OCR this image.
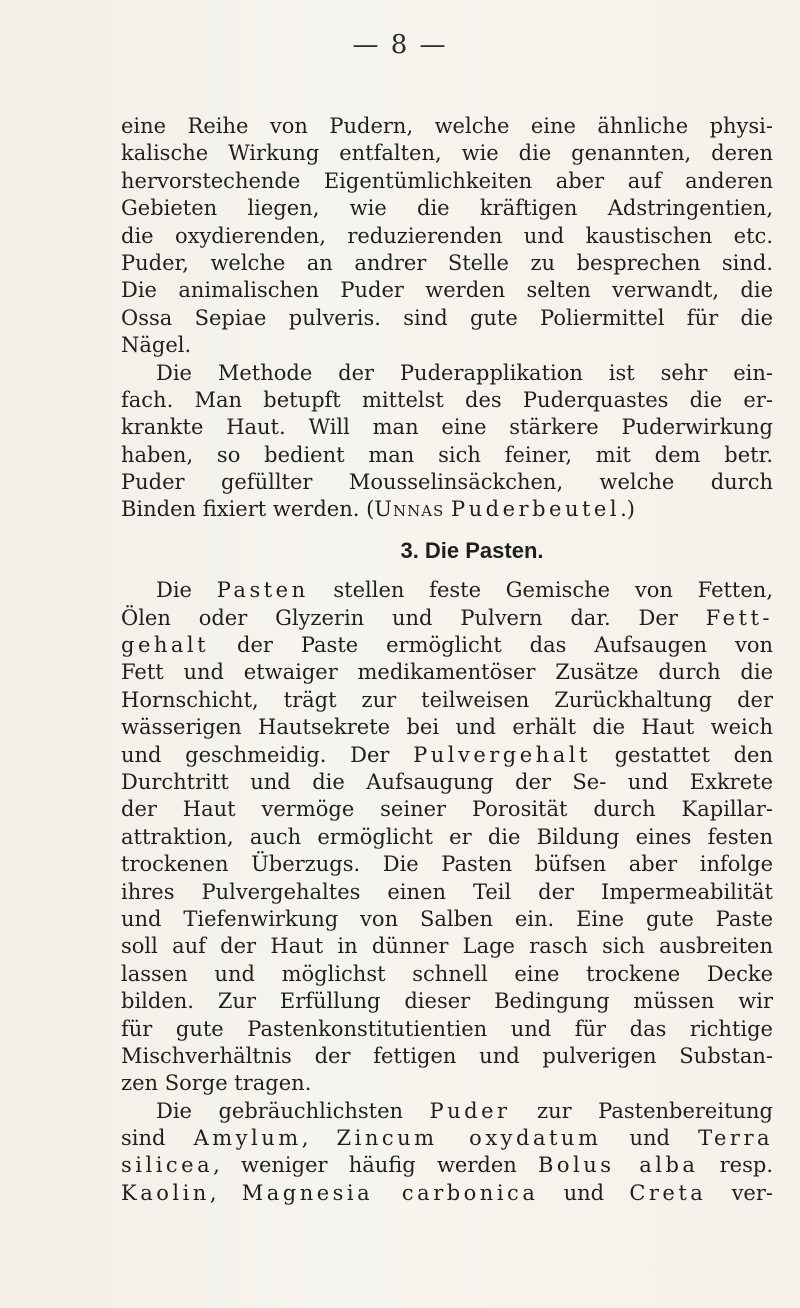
— 8 —
eine Reihe von Pudern, welche eine ähnliche physi-
kalische Wirkung entfalten, wie die genannten, deren
hervorstechende Eigentümlichkeiten aber auf anderen
Gebieten liegen, wie die kräftigen Adstringentien,
die oxydierenden, reduzierenden und kaustischen etc.
Puder, welche an andrer Stelle zu besprechen sind.
Die animalischen Puder werden selten verwandt, die
Ossa Sepiae pulveris. sind gute Poliermittel für die
Nägel.
Die Methode der Puderapplikation ist sehr ein-
fach. Man betupft mittelst des Puderquastes die er-
krankte Haut. Will man eine stärkere Puderwirkung
haben, so bedient man sich feiner, mit dem betr.
Puder gefüllter Mousselinsäckchen, welche durch
Binden fixiert werden. (Unnas Puderbeutel.)
3. Die Pasten.
Die Pasten stellen feste Gemische von Fetten,
Ölen oder Glyzerin und Pulvern dar. Der Fett-
gehalt der Paste ermöglicht das Aufsaugen von
Fett und etwaiger medikamentöser Zusätze durch die
Hornschicht, trägt zur teilweisen Zurückhaltung der
wässerigen Hautsekrete bei und erhält die Haut weich
und geschmeidig. Der Pulvergehalt gestattet den
Durchtritt und die Aufsaugung der Se- und Exkrete
der Haut vermöge seiner Porosität durch Kapillar-
attraktion, auch ermöglicht er die Bildung eines festen
trockenen Überzugs. Die Pasten büfsen aber infolge
ihres Pulvergehaltes einen Teil der Impermeabilität
und Tiefenwirkung von Salben ein. Eine gute Paste
soll auf der Haut in dünner Lage rasch sich ausbreiten
lassen und möglichst schnell eine trockene Decke
bilden. Zur Erfüllung dieser Bedingung müssen wir
für gute Pastenkonstitutientien und für das richtige
Mischverhältnis der fettigen und pulverigen Substan-
zen Sorge tragen.
Die gebräuchlichsten Puder zur Pastenbereitung
sind Amylum, Zincum oxydatum und Terra
silicea, weniger häufig werden Bolus alba resp.
Kaolin, Magnesia carbonica und Creta ver-
